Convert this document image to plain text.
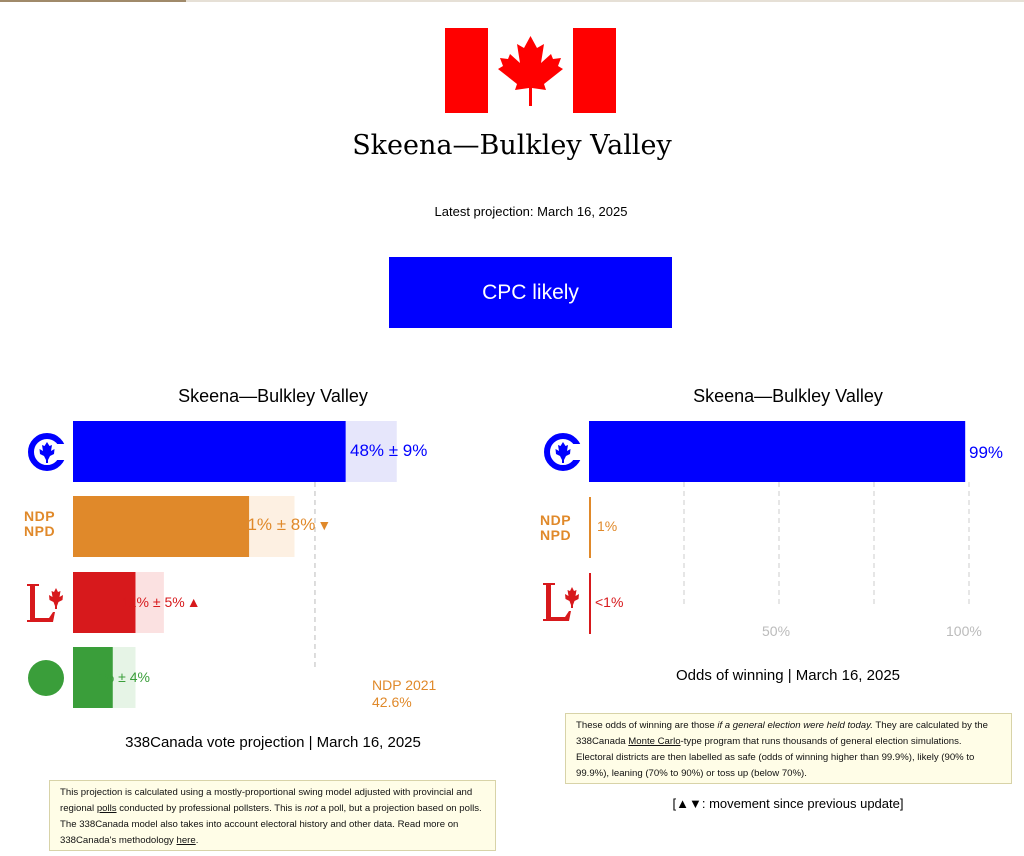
Skeena—Bulkley Valley
Latest projection: March 16, 2025
CPC likely
Skeena—Bulkley Valley
NDP
NPD
48% ± 9%
31% ± 8% ▼
11% ± 5% ▲
7% ± 4%	NDP 2021
42.6%
338Canada vote projection | March 16, 2025
This projection is calculated using a mostly-proportional swing model adjusted with provincial and regional polls conducted by professional pollsters. This is not a poll, but a projection based on polls. The 338Canada model also takes into account electoral history and other data. Read more on 338Canada's methodology here.
Skeena—Bulkley Valley
NDP
NPD
99%
1%
<1%
50%	100%
Odds of winning | March 16, 2025
These odds of winning are those if a general election were held today. They are calculated by the 338Canada Monte Carlo-type program that runs thousands of general election simulations. Electoral districts are then labelled as safe (odds of winning higher than 99.9%), likely (90% to 99.9%), leaning (70% to 90%) or toss up (below 70%).
[▲▼: movement since previous update]
